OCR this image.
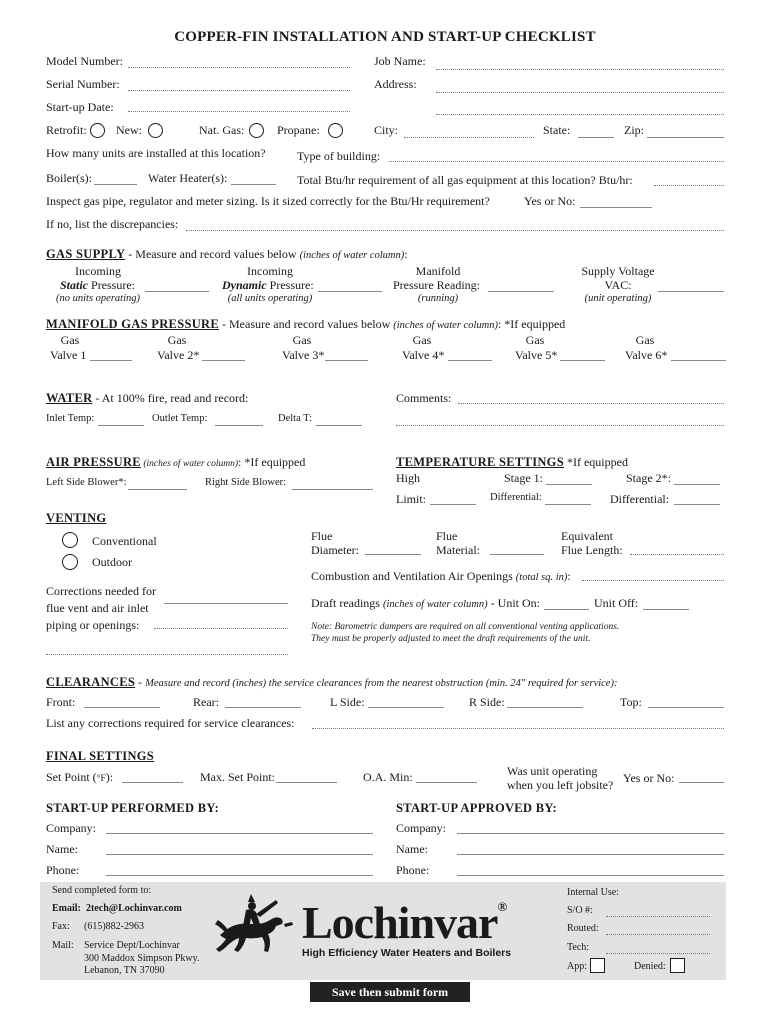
COPPER-FIN INSTALLATION AND START-UP CHECKLIST
Model Number:	Job Name:
Serial Number:	Address:
Start-up Date:
Retrofit: New:	Nat. Gas:	Propane:	City:	State:	Zip:
How many units are installed at this location?	Type of building:
Boiler(s):	Water Heater(s):	Total Btu/hr requirement of all gas equipment at this location? Btu/hr:
Inspect gas pipe, regulator and meter sizing. Is it sized correctly for the Btu/Hr requirement?	Yes or No:
If no, list the discrepancies:
GAS SUPPLY - Measure and record values below (inches of water column):
Incoming
Static Pressure:
(no units operating)
Incoming
Dynamic Pressure:
(all units operating)
Manifold
Pressure Reading:
(running)
Supply Voltage
VAC:
(unit operating)
MANIFOLD GAS PRESSURE - Measure and record values below (inches of water column): *If equipped
Gas
Valve 1
Gas
Valve 2*
Gas
Valve 3*
Gas
Valve 4*
Gas
Valve 5*
Gas
Valve 6*
WATER - At 100% fire, read and record:
Inlet Temp:	Outlet Temp:	Delta T:
Comments:
AIR PRESSURE (inches of water column): *If equipped
Left Side Blower*:	Right Side Blower:
TEMPERATURE SETTINGS *If equipped
High	Stage 1:	Stage 2*:
Limit:	Differential:	Differential:
VENTING
Conventional
Outdoor
Corrections needed for
flue vent and air inlet
piping or openings:
Flue
Diameter:
Flue
Material:
Equivalent
Flue Length:
Combustion and Ventilation Air Openings (total sq. in):
Draft readings (inches of water column) - Unit On:	Unit Off:
Note: Barometric dampers are required on all conventional venting applications.
They must be properly adjusted to meet the draft requirements of the unit.
CLEARANCES - Measure and record (inches) the service clearances from the nearest obstruction (min. 24" required for service):
Front:	Rear:	L Side:	R Side:	Top:
List any corrections required for service clearances:
FINAL SETTINGS
Set Point (°F):	Max. Set Point:	O.A. Min:	Was unit operating
when you left jobsite? Yes or No:
START-UP PERFORMED BY:
Company:
Name:
Phone:
START-UP APPROVED BY:
Company:
Name:
Phone:
Send completed form to:
Email: 2tech@Lochinvar.com
Fax: (615)882-2963
Mail: Service Dept/Lochinvar
300 Maddox Simpson Pkwy.
Lebanon, TN 37090
Lochinvar®
High Efficiency Water Heaters and Boilers
Internal Use:
S/O #:
Routed:
Tech:
App:	Denied:
Save then submit form
